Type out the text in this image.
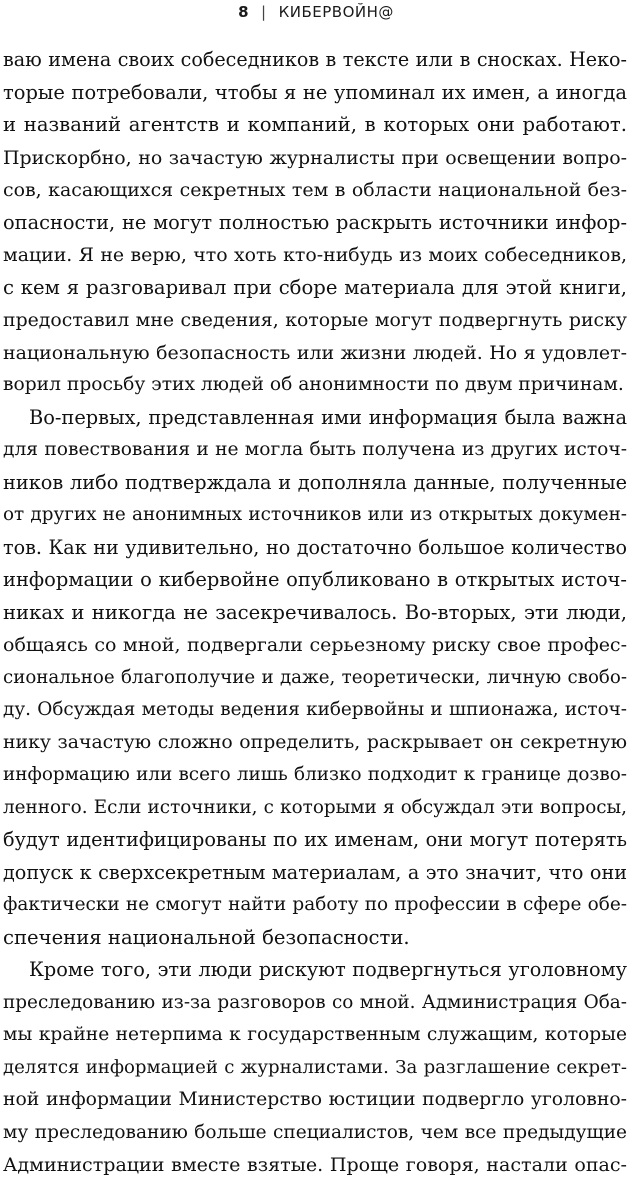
8 | КИБЕРВОЙН@
ваю имена своих собеседников в тексте или в сносках. Неко-
торые потребовали, чтобы я не упоминал их имен, а иногда
и названий агентств и компаний, в которых они работают.
Прискорбно, но зачастую журналисты при освещении вопро-
сов, касающихся секретных тем в области национальной без-
опасности, не могут полностью раскрыть источники инфор-
мации. Я не верю, что хоть кто-нибудь из моих собеседников,
с кем я разговаривал при сборе материала для этой книги,
предоставил мне сведения, которые могут подвергнуть риску
национальную безопасность или жизни людей. Но я удовлет-
ворил просьбу этих людей об анонимности по двум причинам.
Во-первых, представленная ими информация была важна
для повествования и не могла быть получена из других источ-
ников либо подтверждала и дополняла данные, полученные
от других не анонимных источников или из открытых докумен-
тов. Как ни удивительно, но достаточно большое количество
информации о кибервойне опубликовано в открытых источ-
никах и никогда не засекречивалось. Во-вторых, эти люди,
общаясь со мной, подвергали серьезному риску свое профес-
сиональное благополучие и даже, теоретически, личную свобо-
ду. Обсуждая методы ведения кибервойны и шпионажа, источ-
нику зачастую сложно определить, раскрывает он секретную
информацию или всего лишь близко подходит к границе дозво-
ленного. Если источники, с которыми я обсуждал эти вопросы,
будут идентифицированы по их именам, они могут потерять
допуск к сверхсекретным материалам, а это значит, что они
фактически не смогут найти работу по профессии в сфере обе-
спечения национальной безопасности.
Кроме того, эти люди рискуют подвергнуться уголовному
преследованию из-за разговоров со мной. Администрация Оба-
мы крайне нетерпима к государственным служащим, которые
делятся информацией с журналистами. За разглашение секрет-
ной информации Министерство юстиции подвергло уголовно-
му преследованию больше специалистов, чем все предыдущие
Администрации вместе взятые. Проще говоря, настали опас-
